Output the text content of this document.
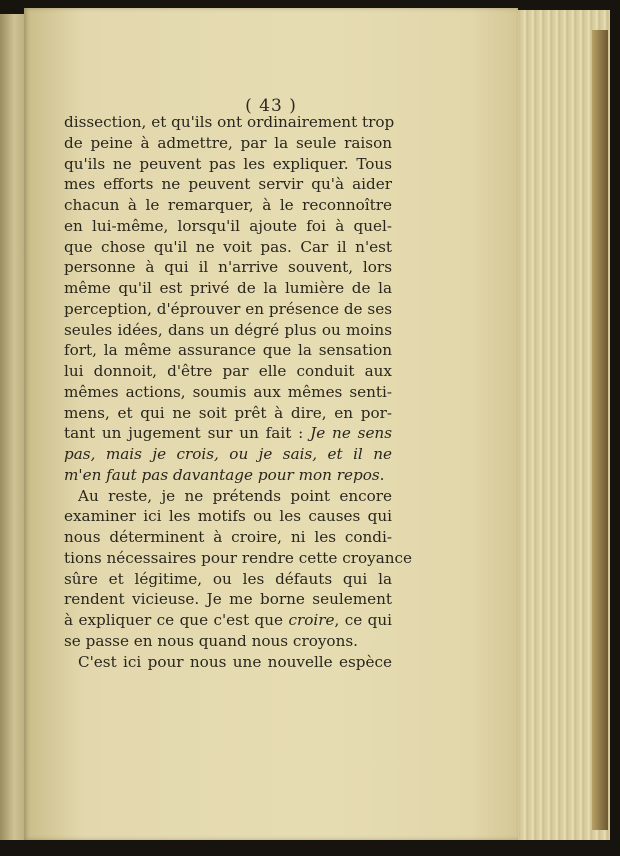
( 43 )
dissection, et qu'ils ont ordinairement trop
de peine à admettre, par la seule raison
qu'ils ne peuvent pas les expliquer. Tous
mes efforts ne peuvent servir qu'à aider
chacun à le remarquer, à le reconnoître
en lui-même, lorsqu'il ajoute foi à quel-
que chose qu'il ne voit pas. Car il n'est
personne à qui il n'arrive souvent, lors
même qu'il est privé de la lumière de la
perception, d'éprouver en présence de ses
seules idées, dans un dégré plus ou moins
fort, la même assurance que la sensation
lui donnoit, d'être par elle conduit aux
mêmes actions, soumis aux mêmes senti-
mens, et qui ne soit prêt à dire, en por-
tant un jugement sur un fait : Je ne sens
pas, mais je crois, ou je sais, et il ne
m'en faut pas davantage pour mon repos.
Au reste, je ne prétends point encore
examiner ici les motifs ou les causes qui
nous déterminent à croire, ni les condi-
tions nécessaires pour rendre cette croyance
sûre et légitime, ou les défauts qui la
rendent vicieuse. Je me borne seulement
à expliquer ce que c'est que croire, ce qui
se passe en nous quand nous croyons.
C'est ici pour nous une nouvelle espèce
